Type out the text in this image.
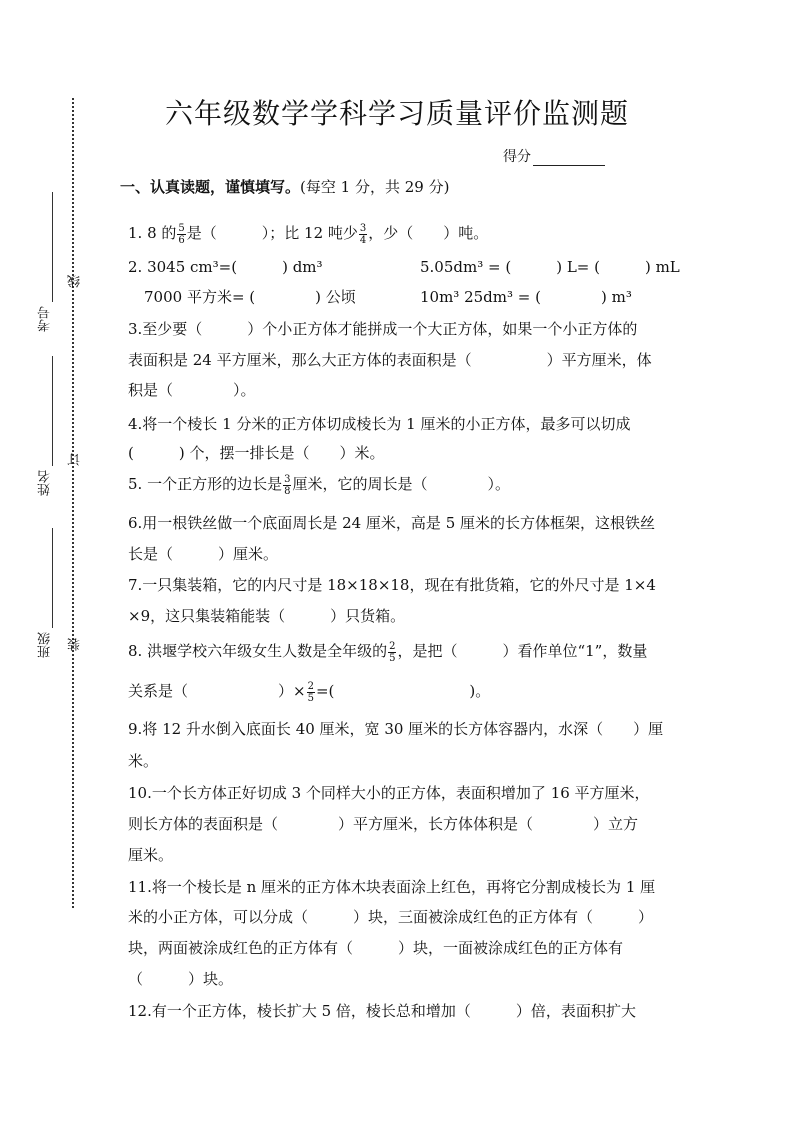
考号
线
姓名
订
班级 装
六年级数学学科学习质量评价监测题
得分
一、认真读题，谨慎填写。(每空 1 分，共 29 分)
1. 8 的 $\frac{5}{6}$ 是（　　　）；比 12 吨少 $\frac{3}{4}$ ，少（　　）吨。
2. 3045 cm³=(　　　) dm³	5.05dm³ = (　　　) L= (　　　) mL
7000 平方米= (　　　　) 公顷	10m³ 25dm³ = (　　　　) m³
3.至少要（　　　）个小正方体才能拼成一个大正方体，如果一个小正方体的
表面积是 24 平方厘米，那么大正方体的表面积是（　　　　　）平方厘米，体
积是（　　　　）。
4.将一个棱长 1 分米的正方体切成棱长为 1 厘米的小正方体，最多可以切成
(　　　) 个，摆一排长是（　　）米。
5. 一个正方形的边长是 $\frac{3}{8}$ 厘米，它的周长是（　　　　）。
6.用一根铁丝做一个底面周长是 24 厘米，高是 5 厘米的长方体框架，这根铁丝
长是（　　　）厘米。
7.一只集装箱，它的内尺寸是 18×18×18，现在有批货箱，它的外尺寸是 1×4
×9，这只集装箱能装（　　　）只货箱。
8. 洪堰学校六年级女生人数是全年级的 $\frac{2}{5}$ ，是把（　　　）看作单位“1”，数量
关系是（　　　　　　）× $\frac{2}{5}$ =(　　　　　　　　　)。
9.将 12 升水倒入底面长 40 厘米，宽 30 厘米的长方体容器内，水深（　　）厘
米。
10.一个长方体正好切成 3 个同样大小的正方体，表面积增加了 16 平方厘米，
则长方体的表面积是（　　　　）平方厘米，长方体体积是（　　　　）立方
厘米。
11.将一个棱长是 n 厘米的正方体木块表面涂上红色，再将它分割成棱长为 1 厘
米的小正方体，可以分成（　　　）块，三面被涂成红色的正方体有（　　　）
块，两面被涂成红色的正方体有（　　　）块，一面被涂成红色的正方体有
（　　　）块。
12.有一个正方体，棱长扩大 5 倍，棱长总和增加（　　　）倍，表面积扩大
